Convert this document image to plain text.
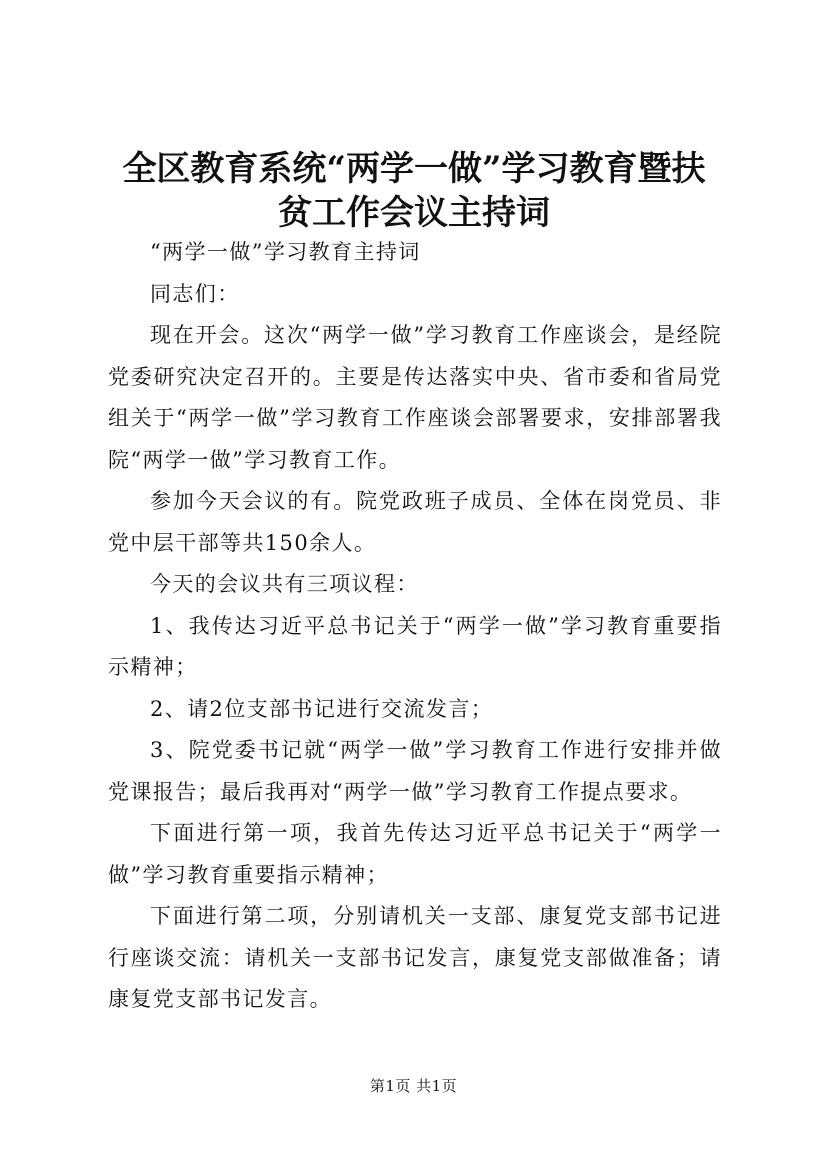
全区教育系统“两学一做”学习教育暨扶贫工作会议主持词

“两学一做”学习教育主持词

同志们：

现在开会。这次“两学一做”学习教育工作座谈会，是经院党委研究决定召开的。主要是传达落实中央、省市委和省局党组关于“两学一做”学习教育工作座谈会部署要求，安排部署我院“两学一做”学习教育工作。

参加今天会议的有。院党政班子成员、全体在岗党员、非党中层干部等共150余人。

今天的会议共有三项议程：

1、我传达习近平总书记关于“两学一做”学习教育重要指示精神；

2、请2位支部书记进行交流发言；

3、院党委书记就“两学一做”学习教育工作进行安排并做党课报告；最后我再对“两学一做”学习教育工作提点要求。

下面进行第一项，我首先传达习近平总书记关于“两学一做”学习教育重要指示精神；

下面进行第二项，分别请机关一支部、康复党支部书记进行座谈交流：请机关一支部书记发言，康复党支部做准备；请康复党支部书记发言。

第1页 共1页
